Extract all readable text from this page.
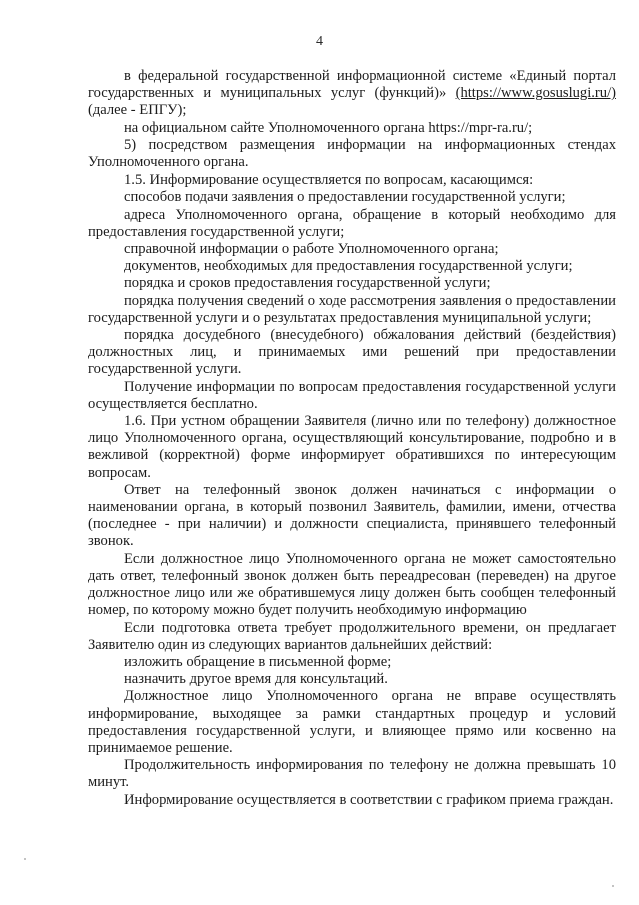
4

в федеральной государственной информационной системе «Единый портал государственных и муниципальных услуг (функций)» (https://www.gosuslugi.ru/) (далее - ЕПГУ);

на официальном сайте Уполномоченного органа https://mpr-ra.ru/;

5) посредством размещения информации на информационных стендах Уполномоченного органа.

1.5. Информирование осуществляется по вопросам, касающимся:

способов подачи заявления о предоставлении государственной услуги;

адреса Уполномоченного органа, обращение в который необходимо для предоставления государственной услуги;

справочной информации о работе Уполномоченного органа;

документов, необходимых для предоставления государственной услуги;

порядка и сроков предоставления государственной услуги;

порядка получения сведений о ходе рассмотрения заявления о предоставлении государственной услуги и о результатах предоставления муниципальной услуги;

порядка досудебного (внесудебного) обжалования действий (бездействия) должностных лиц, и принимаемых ими решений при предоставлении государственной услуги.

Получение информации по вопросам предоставления государственной услуги осуществляется бесплатно.

1.6. При устном обращении Заявителя (лично или по телефону) должностное лицо Уполномоченного органа, осуществляющий консультирование, подробно и в вежливой (корректной) форме информирует обратившихся по интересующим вопросам.

Ответ на телефонный звонок должен начинаться с информации о наименовании органа, в который позвонил Заявитель, фамилии, имени, отчества (последнее - при наличии) и должности специалиста, принявшего телефонный звонок.

Если должностное лицо Уполномоченного органа не может самостоятельно дать ответ, телефонный звонок должен быть переадресован (переведен) на другое должностное лицо или же обратившемуся лицу должен быть сообщен телефонный номер, по которому можно будет получить необходимую информацию

Если подготовка ответа требует продолжительного времени, он предлагает Заявителю один из следующих вариантов дальнейших действий:

изложить обращение в письменной форме;

назначить другое время для консультаций.

Должностное лицо Уполномоченного органа не вправе осуществлять информирование, выходящее за рамки стандартных процедур и условий предоставления государственной услуги, и влияющее прямо или косвенно на принимаемое решение.

Продолжительность информирования по телефону не должна превышать 10 минут.

Информирование осуществляется в соответствии с графиком приема граждан.
